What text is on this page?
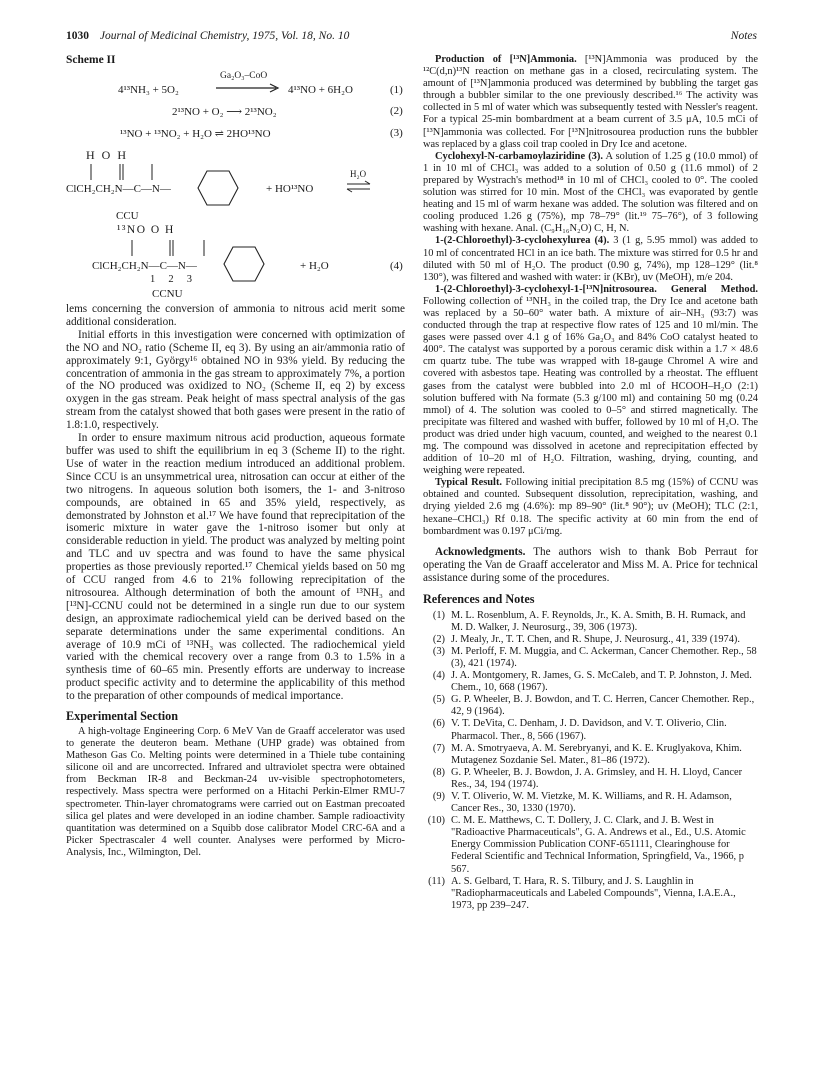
1030 Journal of Medicinal Chemistry, 1975, Vol. 18, No. 10	Notes
Scheme II
4¹³NH₃ + 5O₂
Ga₂O₃–CoO
4¹³NO + 6H₂O	(1)
2¹³NO + O₂ ⟶ 2¹³NO₂	(2)
¹³NO + ¹³NO₂ + H₂O ⇌ 2HO¹³NO	(3)
H O H
ClCH₂CH₂N—C—N—	+ HO¹³NO
H₂O
CCU
¹³NO O H
ClCH₂CH₂N—C—N—	+ H₂O	(4)
1     2     3
CCNU

lems concerning the conversion of ammonia to nitrous acid merit some additional consideration.

Initial efforts in this investigation were concerned with optimization of the NO and NO₂ ratio (Scheme II, eq 3). By using an air/ammonia ratio of approximately 9:1, György¹⁶ obtained NO in 93% yield. By reducing the concentration of ammonia in the gas stream to approximately 7%, a portion of the NO produced was oxidized to NO₂ (Scheme II, eq 2) by excess oxygen in the gas stream. Peak height of mass spectral analysis of the gas stream from the catalyst showed that both gases were present in the ratio of 1.8:1.0, respectively.

In order to ensure maximum nitrous acid production, aqueous formate buffer was used to shift the equilibrium in eq 3 (Scheme II) to the right. Use of water in the reaction medium introduced an additional problem. Since CCU is an unsymmetrical urea, nitrosation can occur at either of the two nitrogens. In aqueous solution both isomers, the 1- and 3-nitroso compounds, are obtained in 65 and 35% yield, respectively, as demonstrated by Johnston et al.¹⁷ We have found that reprecipitation of the isomeric mixture in water gave the 1-nitroso isomer but only at considerable reduction in yield. The product was analyzed by melting point and TLC and uv spectra and was found to have the same physical properties as those previously reported.¹⁷ Chemical yields based on 50 mg of CCU ranged from 4.6 to 21% following reprecipitation of the nitrosourea. Although determination of both the amount of ¹³NH₃ and [¹³N]-CCNU could not be determined in a single run due to our system design, an approximate radiochemical yield can be derived based on the separate determinations under the same experimental conditions. An average of 10.9 mCi of ¹³NH₃ was collected. The radiochemical yield varied with the chemical recovery over a range from 0.3 to 1.5% in a synthesis time of 60–65 min. Presently efforts are underway to increase product specific activity and to determine the applicability of this method to the preparation of other compounds of medical importance.

Experimental Section

A high-voltage Engineering Corp. 6 MeV Van de Graaff accelerator was used to generate the deuteron beam. Methane (UHP grade) was obtained from Matheson Gas Co. Melting points were determined in a Thiele tube containing silicone oil and are uncorrected. Infrared and ultraviolet spectra were obtained from Beckman IR-8 and Beckman-24 uv-visible spectrophotometers, respectively. Mass spectra were performed on a Hitachi Perkin-Elmer RMU-7 spectrometer. Thin-layer chromatograms were carried out on Eastman precoated silica gel plates and were developed in an iodine chamber. Sample radioactivity quantitation was determined on a Squibb dose calibrator Model CRC-6A and a Picker Spectrascaler 4 well counter. Analyses were performed by Micro-Analysis, Inc., Wilmington, Del.

Production of [¹³N]Ammonia. [¹³N]Ammonia was produced by the ¹²C(d,n)¹³N reaction on methane gas in a closed, recirculating system. The amount of [¹³N]ammonia produced was determined by bubbling the target gas through a bubbler similar to the one previously described.¹⁶ The activity was collected in 5 ml of water which was subsequently tested with Nessler's reagent. For a typical 25-min bombardment at a beam current of 3.5 μA, 10.5 mCi of [¹³N]ammonia was collected. For [¹³N]nitrosourea production runs the bubbler was replaced by a glass coil trap cooled in Dry Ice and acetone.

Cyclohexyl-N-carbamoylaziridine (3). A solution of 1.25 g (10.0 mmol) of 1 in 10 ml of CHCl₃ was added to a solution of 0.50 g (11.6 mmol) of 2 prepared by Wystrach's method¹⁸ in 10 ml of CHCl₃ cooled to 0°. The cooled solution was stirred for 10 min. Most of the CHCl₃ was evaporated by gentle heating and 15 ml of warm hexane was added. The solution was filtered and on cooling produced 1.26 g (75%), mp 78–79° (lit.¹⁹ 75–76°), of 3 following washing with hexane. Anal. (C₉H₁₆N₂O) C, H, N.

1-(2-Chloroethyl)-3-cyclohexylurea (4). 3 (1 g, 5.95 mmol) was added to 10 ml of concentrated HCl in an ice bath. The mixture was stirred for 0.5 hr and diluted with 50 ml of H₂O. The product (0.90 g, 74%), mp 128–129° (lit.⁸ 130°), was filtered and washed with water: ir (KBr), uv (MeOH), m/e 204.

1-(2-Chloroethyl)-3-cyclohexyl-1-[¹³N]nitrosourea. General Method. Following collection of ¹³NH₃ in the coiled trap, the Dry Ice and acetone bath was replaced by a 50–60° water bath. A mixture of air–NH₃ (93:7) was conducted through the trap at respective flow rates of 125 and 10 ml/min. The gases were passed over 4.1 g of 16% Ga₂O₃ and 84% CoO catalyst heated to 400°. The catalyst was supported by a porous ceramic disk within a 1.7 × 48.6 cm quartz tube. The tube was wrapped with 18-gauge Chromel A wire and covered with asbestos tape. Heating was controlled by a rheostat. The effluent gases from the catalyst were bubbled into 2.0 ml of HCOOH–H₂O (2:1) solution buffered with Na formate (5.3 g/100 ml) and containing 50 mg (0.24 mmol) of 4. The solution was cooled to 0–5° and stirred magnetically. The precipitate was filtered and washed with buffer, followed by 10 ml of H₂O. The product was dried under high vacuum, counted, and weighed to the nearest 0.1 mg. The compound was dissolved in acetone and reprecipitation effected by addition of 10–20 ml of H₂O. Filtration, washing, drying, counting, and weighing were repeated.

Typical Result. Following initial precipitation 8.5 mg (15%) of CCNU was obtained and counted. Subsequent dissolution, reprecipitation, washing, and drying yielded 2.6 mg (4.6%): mp 89–90° (lit.⁸ 90°); uv (MeOH); TLC (2:1, hexane–CHCl₃) Rf 0.18. The specific activity at 60 min from the end of bombardment was 0.197 μCi/mg.

Acknowledgments. The authors wish to thank Bob Perraut for operating the Van de Graaff accelerator and Miss M. A. Price for technical assistance during some of the procedures.

References and Notes

(1) M. L. Rosenblum, A. F. Reynolds, Jr., K. A. Smith, B. H. Rumack, and M. D. Walker, J. Neurosurg., 39, 306 (1973).
(2) J. Mealy, Jr., T. T. Chen, and R. Shupe, J. Neurosurg., 41, 339 (1974).
(3) M. Perloff, F. M. Muggia, and C. Ackerman, Cancer Chemother. Rep., 58 (3), 421 (1974).
(4) J. A. Montgomery, R. James, G. S. McCaleb, and T. P. Johnston, J. Med. Chem., 10, 668 (1967).
(5) G. P. Wheeler, B. J. Bowdon, and T. C. Herren, Cancer Chemother. Rep., 42, 9 (1964).
(6) V. T. DeVita, C. Denham, J. D. Davidson, and V. T. Oliverio, Clin. Pharmacol. Ther., 8, 566 (1967).
(7) M. A. Smotryaeva, A. M. Serebryanyi, and K. E. Kruglyakova, Khim. Mutagenez Sozdanie Sel. Mater., 81–86 (1972).
(8) G. P. Wheeler, B. J. Bowdon, J. A. Grimsley, and H. H. Lloyd, Cancer Res., 34, 194 (1974).
(9) V. T. Oliverio, W. M. Vietzke, M. K. Williams, and R. H. Adamson, Cancer Res., 30, 1330 (1970).
(10) C. M. E. Matthews, C. T. Dollery, J. C. Clark, and J. B. West in "Radioactive Pharmaceuticals", G. A. Andrews et al., Ed., U.S. Atomic Energy Commission Publication CONF-651111, Clearinghouse for Federal Scientific and Technical Information, Springfield, Va., 1966, p 567.
(11) A. S. Gelbard, T. Hara, R. S. Tilbury, and J. S. Laughlin in "Radiopharmaceuticals and Labeled Compounds", Vienna, I.A.E.A., 1973, pp 239–247.
